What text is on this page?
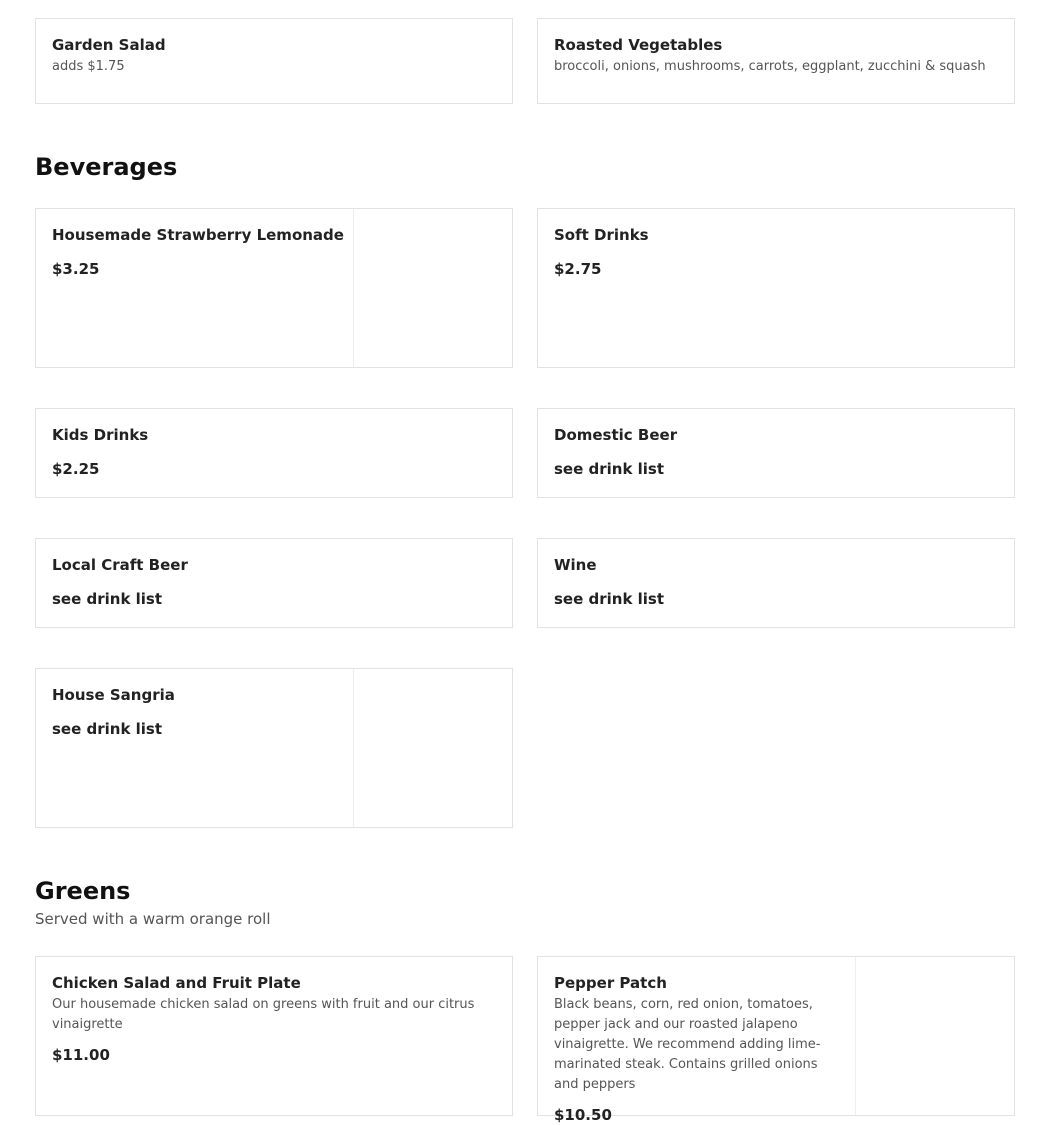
Garden Salad
adds $1.75
Roasted Vegetables
broccoli, onions, mushrooms, carrots, eggplant, zucchini & squash
Beverages
Housemade Strawberry Lemonade
$3.25
Soft Drinks
$2.75
Kids Drinks
$2.25
Domestic Beer
see drink list
Local Craft Beer
see drink list
Wine
see drink list
House Sangria
see drink list
Greens
Served with a warm orange roll
Chicken Salad and Fruit Plate
Our housemade chicken salad on greens with fruit and our citrus vinaigrette
$11.00
Pepper Patch
Black beans, corn, red onion, tomatoes, pepper jack and our roasted jalapeno vinaigrette. We recommend adding lime-marinated steak. Contains grilled onions and peppers
$10.50
